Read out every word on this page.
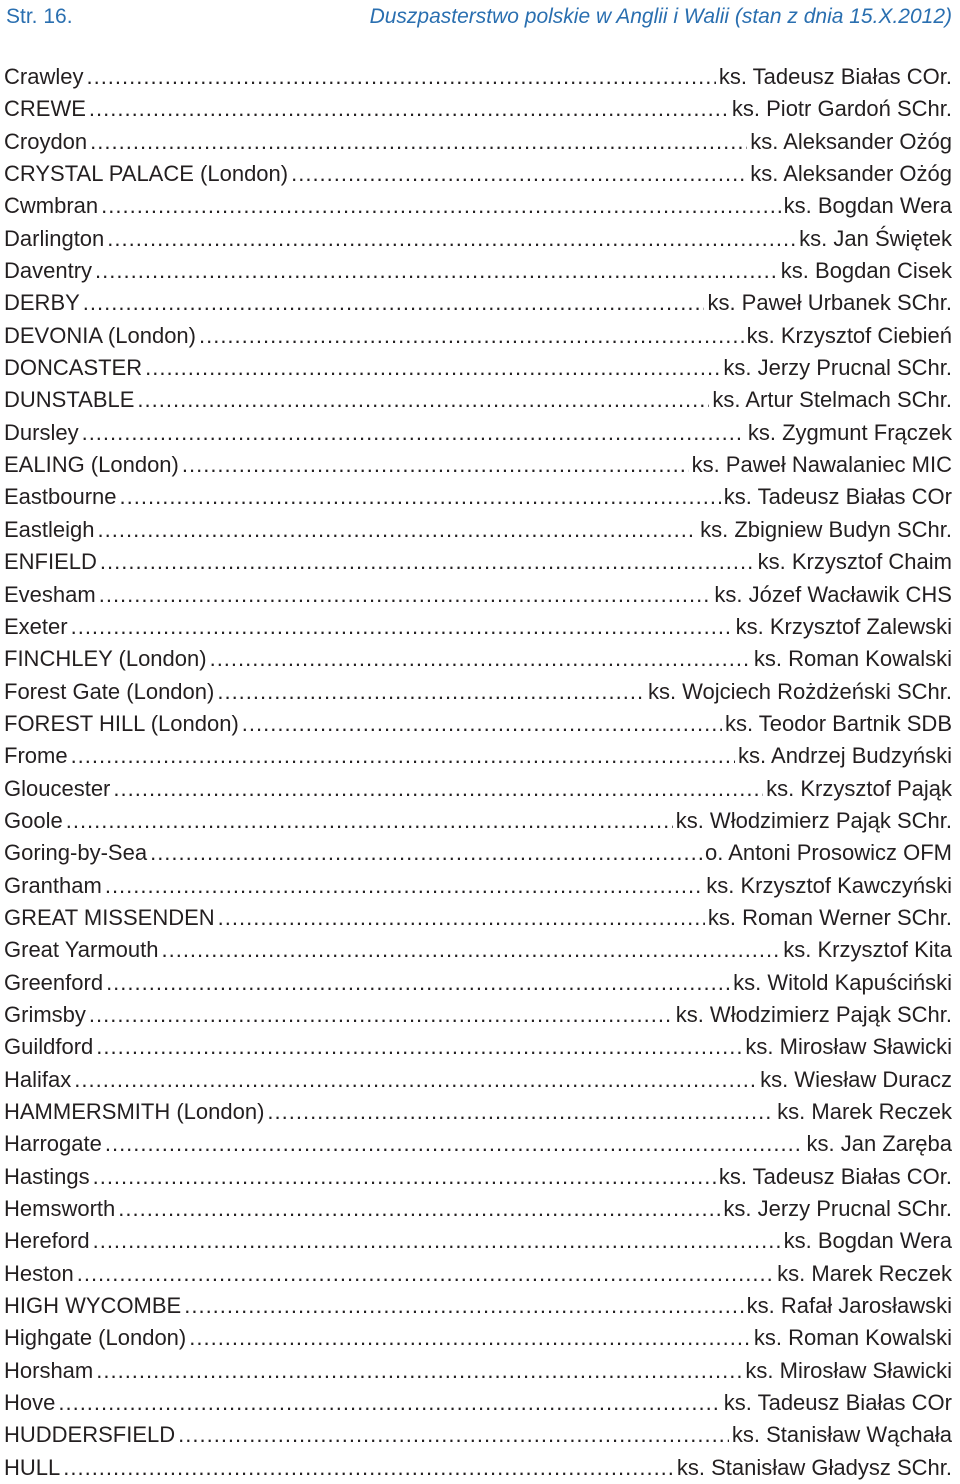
Str. 16.	Duszpasterstwo polskie w Anglii i Walii (stan z dnia 15.X.2012)
Crawley .....	ks. Tadeusz Białas COr.
CREWE .....	ks. Piotr Gardoń SChr.
Croydon .....	ks. Aleksander Ożóg
CRYSTAL PALACE (London) .....	ks. Aleksander Ożóg
Cwmbran .....	ks. Bogdan Wera
Darlington .....	ks. Jan Świętek
Daventry .....	ks. Bogdan Cisek
DERBY .....	ks. Paweł Urbanek SChr.
DEVONIA (London) .....	ks. Krzysztof Ciebień
DONCASTER .....	ks. Jerzy Prucnal SChr.
DUNSTABLE .....	ks. Artur Stelmach SChr.
Dursley .....	ks. Zygmunt Frączek
EALING (London) .....	ks. Paweł Nawalaniec MIC
Eastbourne .....	ks. Tadeusz Białas COr
Eastleigh .....	ks. Zbigniew Budyn SChr.
ENFIELD .....	ks. Krzysztof Chaim
Evesham .....	ks. Józef Wacławik CHS
Exeter .....	ks. Krzysztof Zalewski
FINCHLEY (London) .....	ks. Roman Kowalski
Forest Gate (London) .....	ks. Wojciech Rożdżeński SChr.
FOREST HILL (London) .....	ks. Teodor Bartnik SDB
Frome .....	ks. Andrzej Budzyński
Gloucester .....	ks. Krzysztof Pająk
Goole .....	ks. Włodzimierz Pająk SChr.
Goring-by-Sea .....	o. Antoni Prosowicz OFM
Grantham .....	ks. Krzysztof Kawczyński
GREAT MISSENDEN .....	ks. Roman Werner SChr.
Great Yarmouth .....	ks. Krzysztof Kita
Greenford .....	ks. Witold Kapuściński
Grimsby .....	ks. Włodzimierz Pająk SChr.
Guildford .....	ks. Mirosław Sławicki
Halifax .....	ks. Wiesław Duracz
HAMMERSMITH (London) .....	ks. Marek Reczek
Harrogate .....	ks. Jan Zaręba
Hastings .....	ks. Tadeusz Białas COr.
Hemsworth .....	ks. Jerzy Prucnal SChr.
Hereford .....	ks. Bogdan Wera
Heston .....	ks. Marek Reczek
HIGH WYCOMBE .....	ks. Rafał Jarosławski
Highgate (London) .....	ks. Roman Kowalski
Horsham .....	ks. Mirosław Sławicki
Hove .....	ks. Tadeusz Białas COr
HUDDERSFIELD .....	ks. Stanisław Wąchała
HULL .....	ks. Stanisław Gładysz SChr.
